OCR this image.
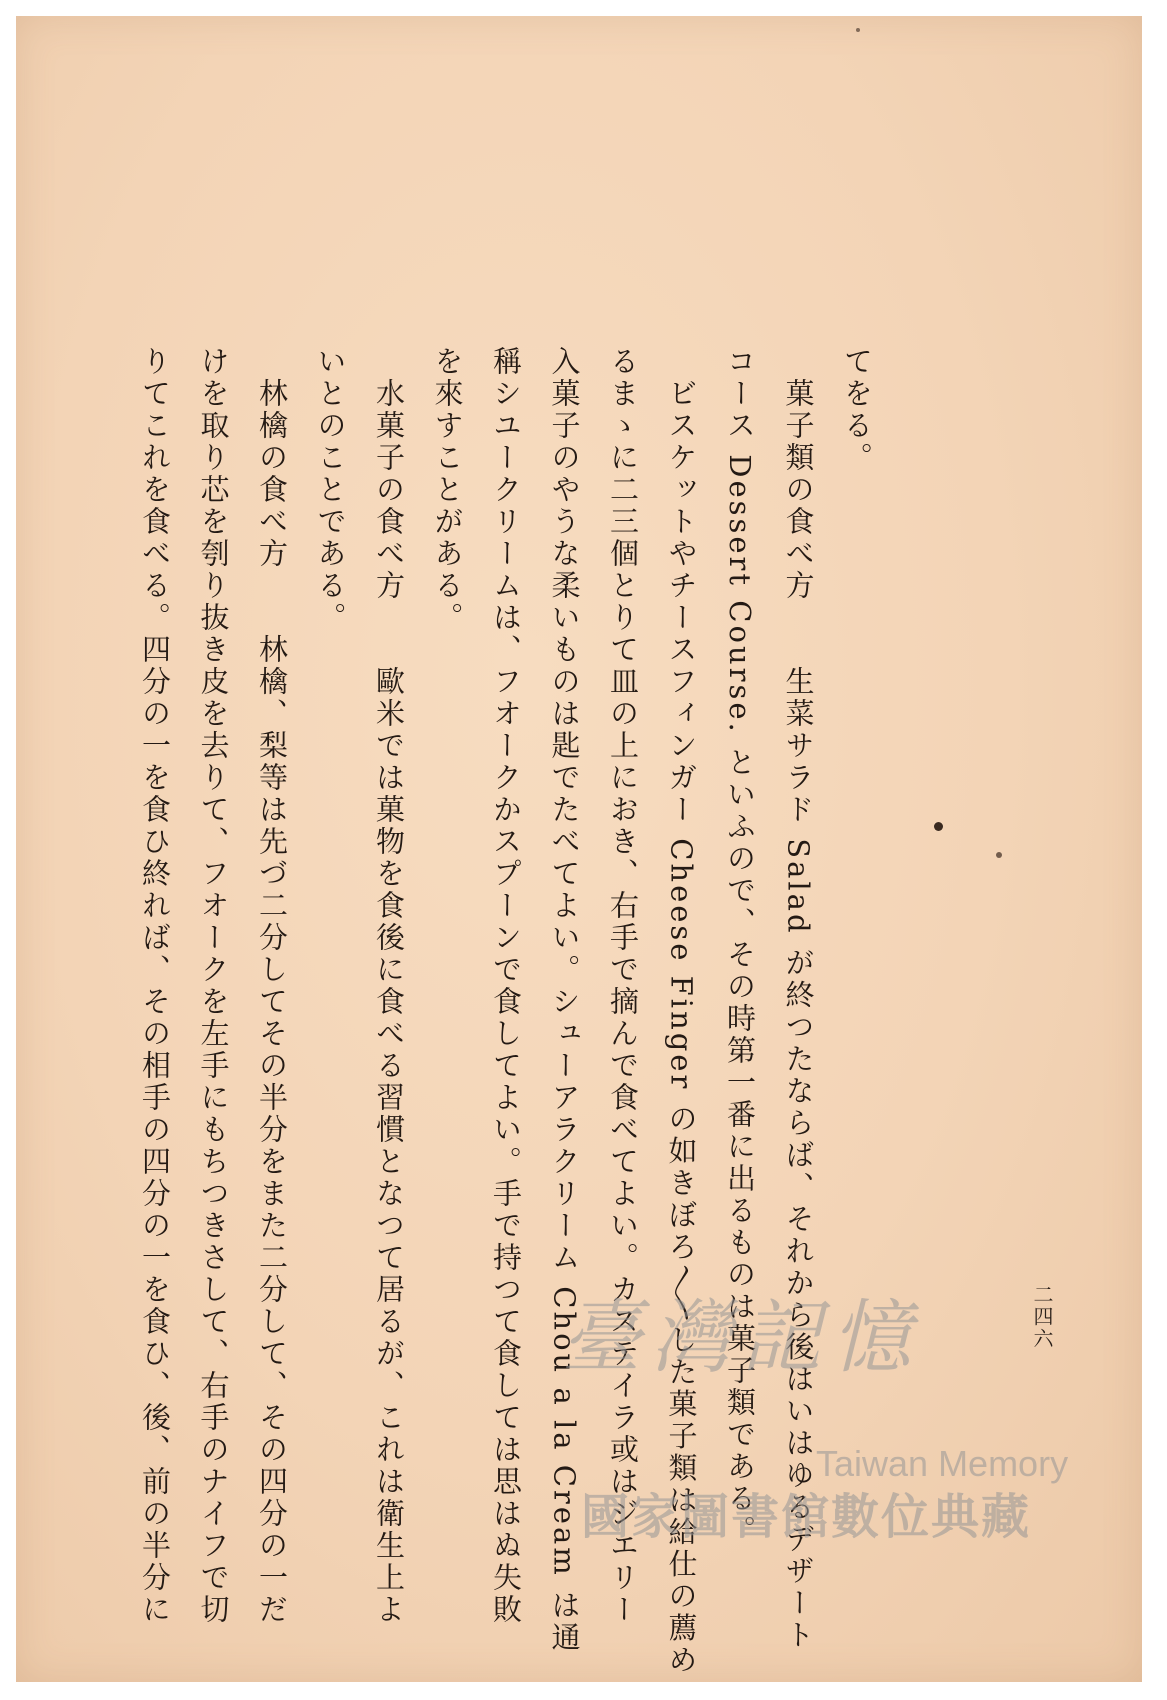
二四六
てをる。
　菓子類の食べ方　　生菜サラド Salad が終つたならば、それから後はいはゆるデザート
コース Dessert Course. といふので、その時第一番に出るものは菓子類である。
　ビスケットやチースフィンガー Cheese Finger の如きぼろ〳〵した菓子類は給仕の薦め
るまゝに二三個とりて皿の上におき、右手で摘んで食べてよい。カステイラ或はジエリー
入菓子のやうな柔いものは匙でたべてよい。シューアラクリーム Chou a la Cream は通
稱シユークリームは、フオークかスプーンで食してよい。手で持つて食しては思はぬ失敗
を來すことがある。
　水菓子の食べ方　　歐米では菓物を食後に食べる習慣となつて居るが、これは衛生上よ
いとのことである。
　林檎の食べ方　　林檎、梨等は先づ二分してその半分をまた二分して、その四分の一だ
けを取り芯を刳り抜き皮を去りて、フオークを左手にもちつきさして、右手のナイフで切
りてこれを食べる。四分の一を食ひ終れば、その相手の四分の一を食ひ、後、前の半分に	臺灣記憶
Taiwan Memory
國家圖書館數位典藏
